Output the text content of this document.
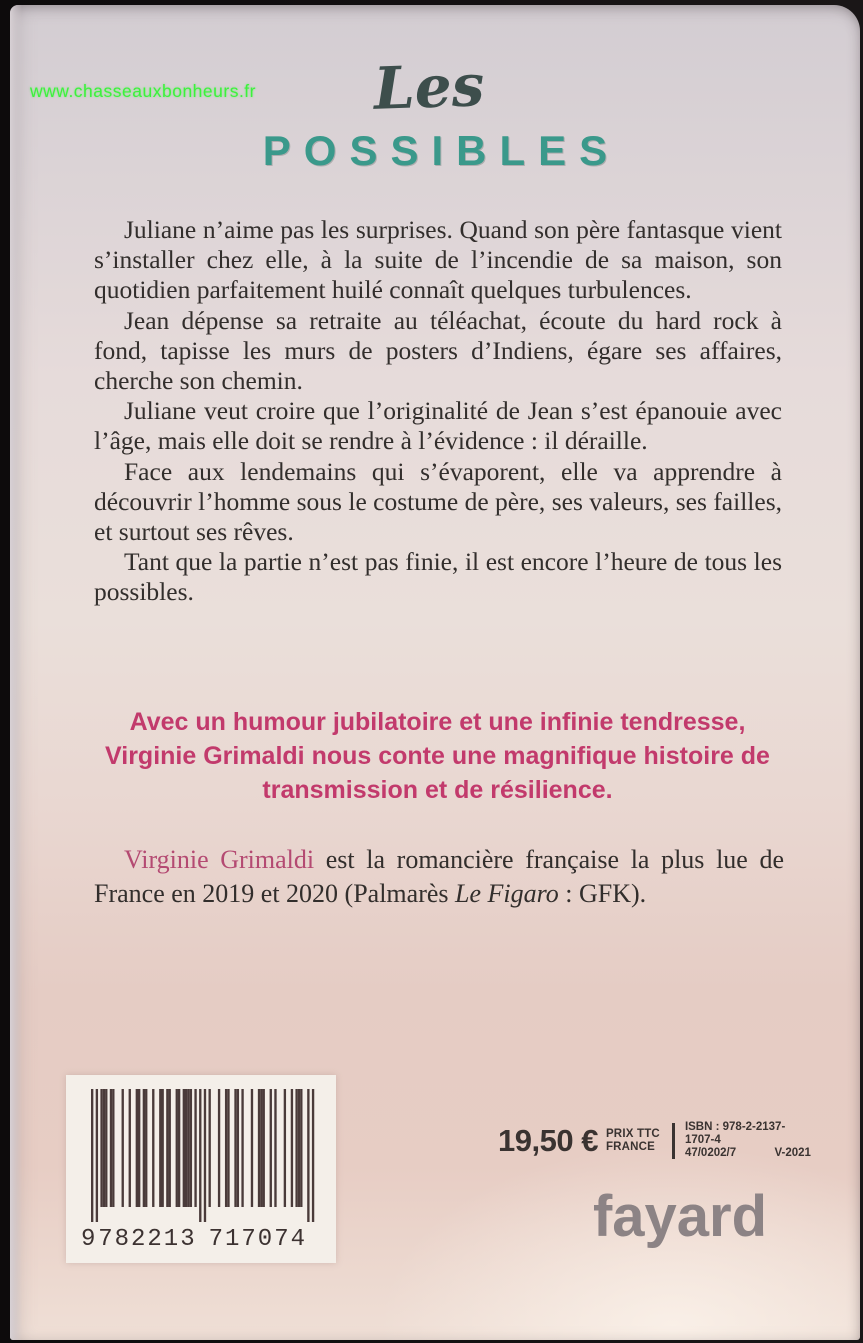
www.chasseauxbonheurs.fr	Les
POSSIBLES

Juliane n’aime pas les surprises. Quand son père fantasque vient s’installer chez elle, à la suite de l’incendie de sa maison, son quotidien parfaitement huilé connaît quelques turbulences.

Jean dépense sa retraite au téléachat, écoute du hard rock à fond, tapisse les murs de posters d’Indiens, égare ses affaires, cherche son chemin.

Juliane veut croire que l’originalité de Jean s’est épanouie avec l’âge, mais elle doit se rendre à l’évidence : il déraille.

Face aux lendemains qui s’évaporent, elle va apprendre à découvrir l’homme sous le costume de père, ses valeurs, ses failles, et surtout ses rêves.

Tant que la partie n’est pas finie, il est encore l’heure de tous les possibles.

Avec un humour jubilatoire et une infinie tendresse,
Virginie Grimaldi nous conte une magnifique histoire de
transmission et de résilience.
Virginie Grimaldi est la romancière française la plus lue de France en 2019 et 2020 (Palmarès Le Figaro : GFK).
9 782213 717074
19,50 € PRIX TTC
FRANCE
ISBN : 978-2-2137-1707-4
47/0202/7	V-2021
fayard
